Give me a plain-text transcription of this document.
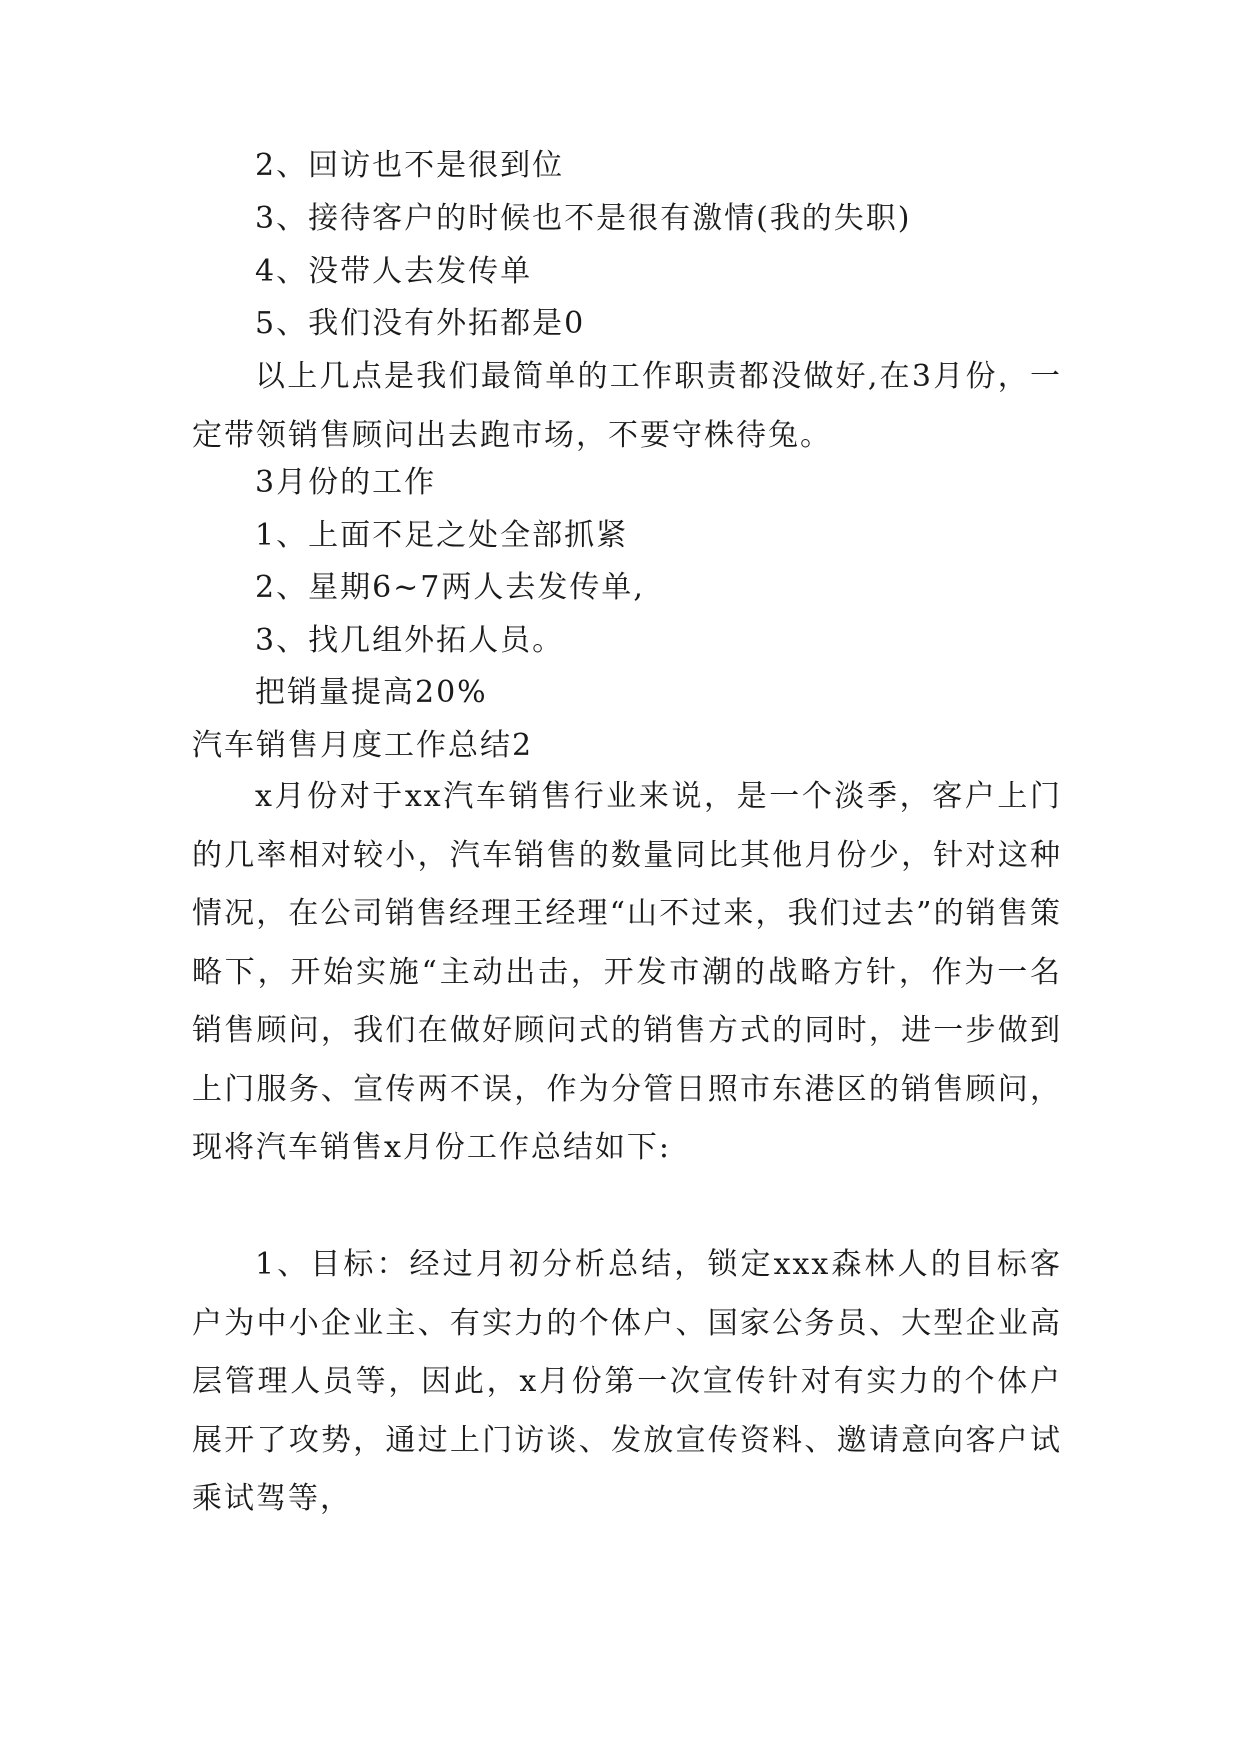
2、回访也不是很到位
3、接待客户的时候也不是很有激情(我的失职)
4、没带人去发传单
5、我们没有外拓都是0
以上几点是我们最简单的工作职责都没做好,在3月份，一定带领销售顾问出去跑市场，不要守株待兔。
3月份的工作
1、上面不足之处全部抓紧
2、星期6~7两人去发传单,
3、找几组外拓人员。
把销量提高20%
汽车销售月度工作总结2
x月份对于xx汽车销售行业来说，是一个淡季，客户上门的几率相对较小，汽车销售的数量同比其他月份少，针对这种情况，在公司销售经理王经理“山不过来，我们过去”的销售策略下，开始实施“主动出击，开发市潮的战略方针，作为一名销售顾问，我们在做好顾问式的销售方式的同时，进一步做到上门服务、宣传两不误，作为分管日照市东港区的销售顾问，现将汽车销售x月份工作总结如下:
1、目标：经过月初分析总结，锁定xxx森林人的目标客户为中小企业主、有实力的个体户、国家公务员、大型企业高层管理人员等，因此，x月份第一次宣传针对有实力的个体户展开了攻势，通过上门访谈、发放宣传资料、邀请意向客户试乘试驾等，
